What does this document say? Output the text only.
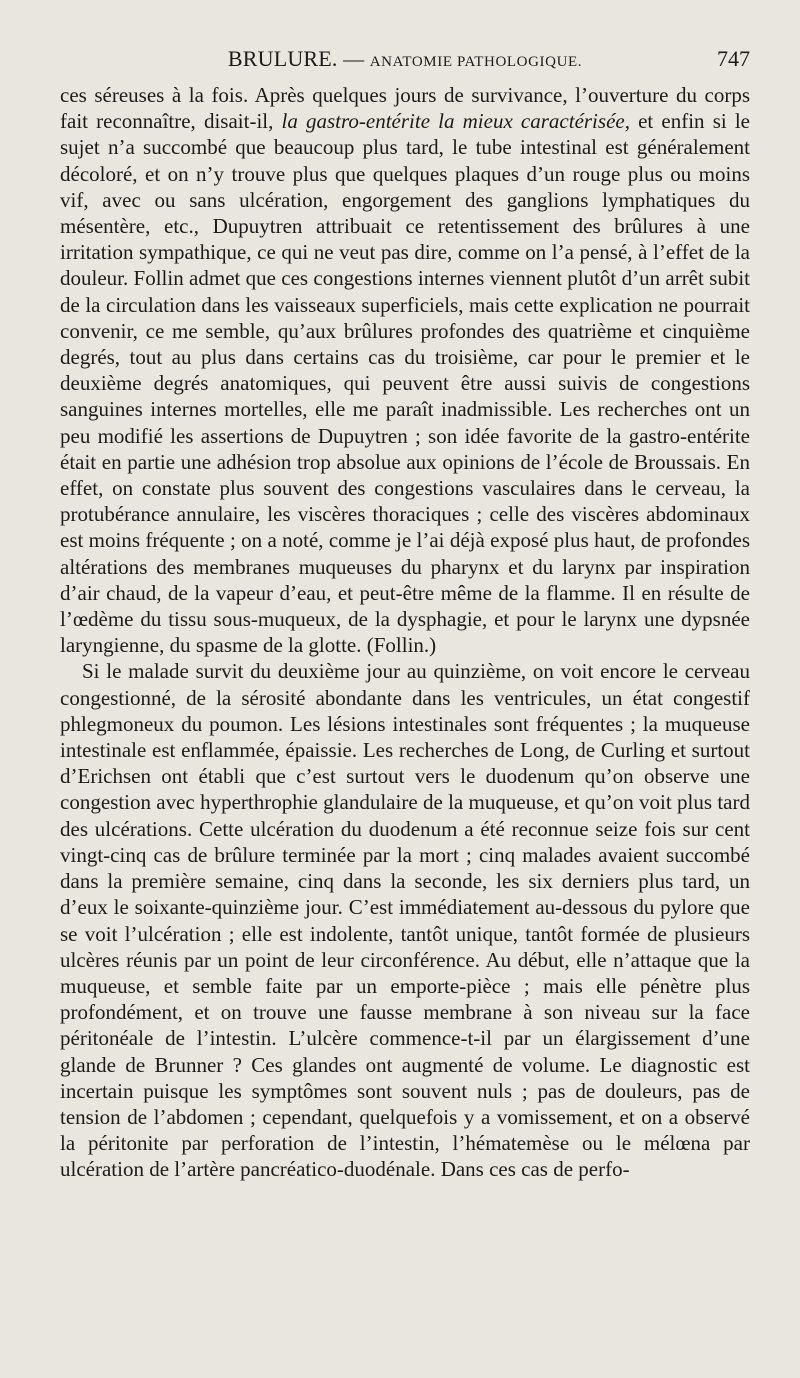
BRULURE. — ANATOMIE PATHOLOGIQUE.	747

ces séreuses à la fois. Après quelques jours de survivance, l’ouverture du corps fait reconnaître, disait-il, la gastro-entérite la mieux caractérisée, et enfin si le sujet n’a succombé que beaucoup plus tard, le tube intestinal est généralement décoloré, et on n’y trouve plus que quelques plaques d’un rouge plus ou moins vif, avec ou sans ulcération, engorgement des ganglions lymphatiques du mésentère, etc., Dupuytren attribuait ce retentissement des brûlures à une irritation sympathique, ce qui ne veut pas dire, comme on l’a pensé, à l’effet de la douleur. Follin admet que ces congestions internes viennent plutôt d’un arrêt subit de la circulation dans les vaisseaux superficiels, mais cette explication ne pourrait convenir, ce me semble, qu’aux brûlures profondes des quatrième et cinquième degrés, tout au plus dans certains cas du troisième, car pour le premier et le deuxième degrés anatomiques, qui peuvent être aussi suivis de congestions sanguines internes mortelles, elle me paraît inadmissible. Les recherches ont un peu modifié les assertions de Dupuytren ; son idée favorite de la gastro-entérite était en partie une adhésion trop absolue aux opinions de l’école de Broussais. En effet, on constate plus souvent des congestions vasculaires dans le cerveau, la protubérance annulaire, les viscères thoraciques ; celle des viscères abdominaux est moins fréquente ; on a noté, comme je l’ai déjà exposé plus haut, de profondes altérations des membranes muqueuses du pharynx et du larynx par inspiration d’air chaud, de la vapeur d’eau, et peut-être même de la flamme. Il en résulte de l’œdème du tissu sous-muqueux, de la dysphagie, et pour le larynx une dypsnée laryngienne, du spasme de la glotte. (Follin.)

Si le malade survit du deuxième jour au quinzième, on voit encore le cerveau congestionné, de la sérosité abondante dans les ventricules, un état congestif phlegmoneux du poumon. Les lésions intestinales sont fréquentes ; la muqueuse intestinale est enflammée, épaissie. Les recherches de Long, de Curling et surtout d’Erichsen ont établi que c’est surtout vers le duodenum qu’on observe une congestion avec hyperthrophie glandulaire de la muqueuse, et qu’on voit plus tard des ulcérations. Cette ulcération du duodenum a été reconnue seize fois sur cent vingt-cinq cas de brûlure terminée par la mort ; cinq malades avaient succombé dans la première semaine, cinq dans la seconde, les six derniers plus tard, un d’eux le soixante-quinzième jour. C’est immédiatement au-dessous du pylore que se voit l’ulcération ; elle est indolente, tantôt unique, tantôt formée de plusieurs ulcères réunis par un point de leur circonférence. Au début, elle n’attaque que la muqueuse, et semble faite par un emporte-pièce ; mais elle pénètre plus profondément, et on trouve une fausse membrane à son niveau sur la face péritonéale de l’intestin. L’ulcère commence-t-il par un élargissement d’une glande de Brunner ? Ces glandes ont augmenté de volume. Le diagnostic est incertain puisque les symptômes sont souvent nuls ; pas de douleurs, pas de tension de l’abdomen ; cependant, quelquefois y a vomissement, et on a observé la péritonite par perforation de l’intestin, l’hématemèse ou le mélœna par ulcération de l’artère pancréatico-duodénale. Dans ces cas de perfo-
